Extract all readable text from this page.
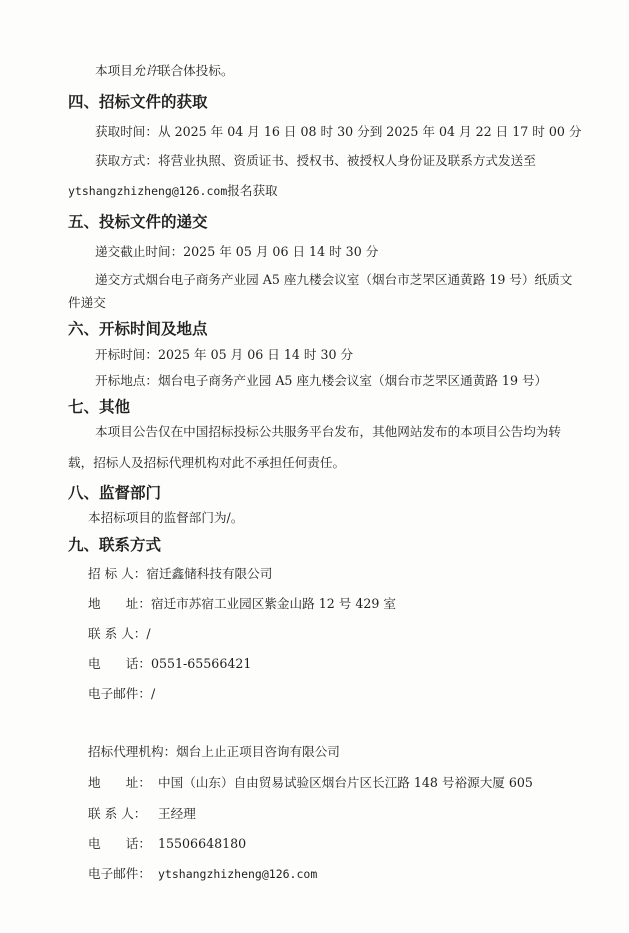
本项目允许联合体投标。
四、招标文件的获取
获取时间：从 2025 年 04 月 16 日 08 时 30 分到 2025 年 04 月 22 日 17 时 00 分
获取方式：将营业执照、资质证书、授权书、被授权人身份证及联系方式发送至
ytshangzhizheng@126.com报名获取
五、投标文件的递交
递交截止时间：2025 年 05 月 06 日 14 时 30 分
递交方式烟台电子商务产业园 A5 座九楼会议室（烟台市芝罘区通黄路 19 号）纸质文
件递交
六、开标时间及地点
开标时间：2025 年 05 月 06 日 14 时 30 分
开标地点：烟台电子商务产业园 A5 座九楼会议室（烟台市芝罘区通黄路 19 号）
七、其他
本项目公告仅在中国招标投标公共服务平台发布，其他网站发布的本项目公告均为转
载，招标人及招标代理机构对此不承担任何责任。
八、监督部门
本招标项目的监督部门为/。
九、联系方式
招 标 人：宿迁鑫储科技有限公司
地　　址：宿迁市苏宿工业园区紫金山路 12 号 429 室
联 系 人：/
电　　话：0551-65566421
电子邮件：/
招标代理机构：烟台上止正项目咨询有限公司
地　　址： 中国（山东）自由贸易试验区烟台片区长江路 148 号裕源大厦 605
联 系 人： 王经理
电　　话： 15506648180
电子邮件： ytshangzhizheng@126.com
